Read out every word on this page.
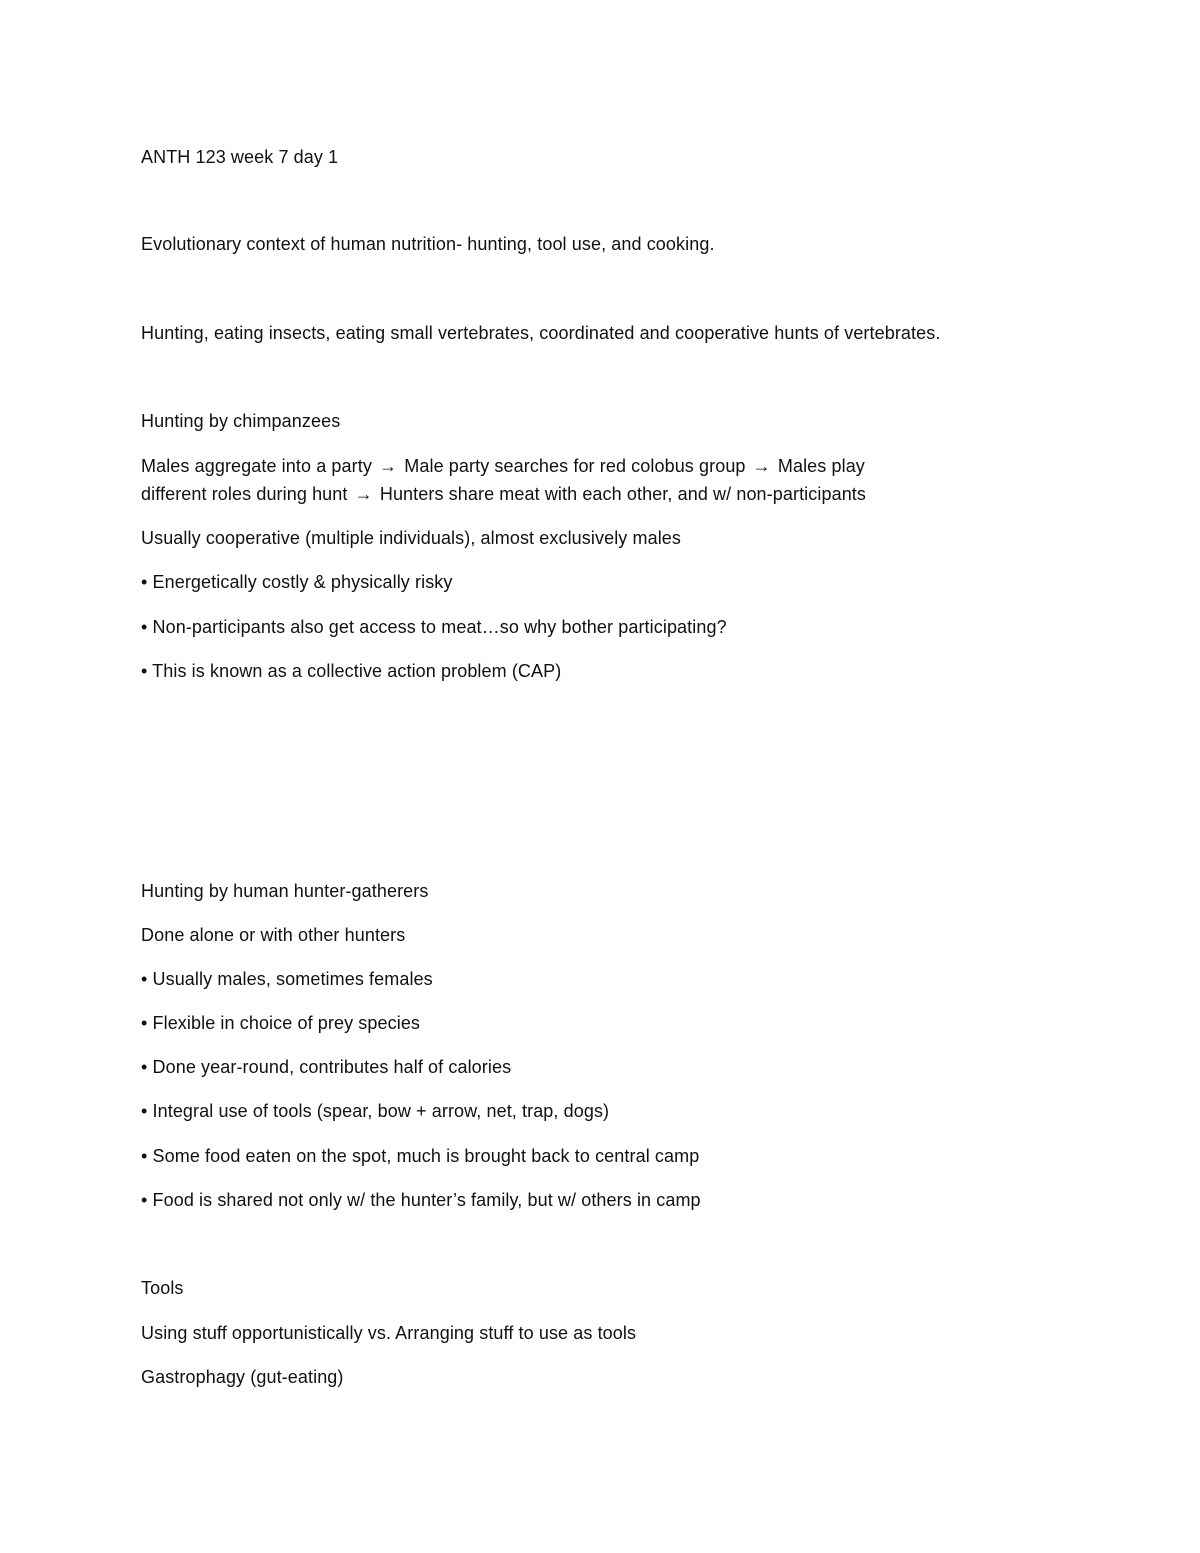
ANTH 123 week 7 day 1
Evolutionary context of human nutrition- hunting, tool use, and cooking.
Hunting, eating insects, eating small vertebrates, coordinated and cooperative hunts of vertebrates.
Hunting by chimpanzees
Males aggregate into a party → Male party searches for red colobus group → Males play
different roles during hunt → Hunters share meat with each other, and w/ non-participants
Usually cooperative (multiple individuals), almost exclusively males
• Energetically costly & physically risky
• Non-participants also get access to meat…so why bother participating?
• This is known as a collective action problem (CAP)
Hunting by human hunter-gatherers
Done alone or with other hunters
• Usually males, sometimes females
• Flexible in choice of prey species
• Done year-round, contributes half of calories
• Integral use of tools (spear, bow + arrow, net, trap, dogs)
• Some food eaten on the spot, much is brought back to central camp
• Food is shared not only w/ the hunter’s family, but w/ others in camp
Tools
Using stuff opportunistically vs. Arranging stuff to use as tools
Gastrophagy (gut-eating)
